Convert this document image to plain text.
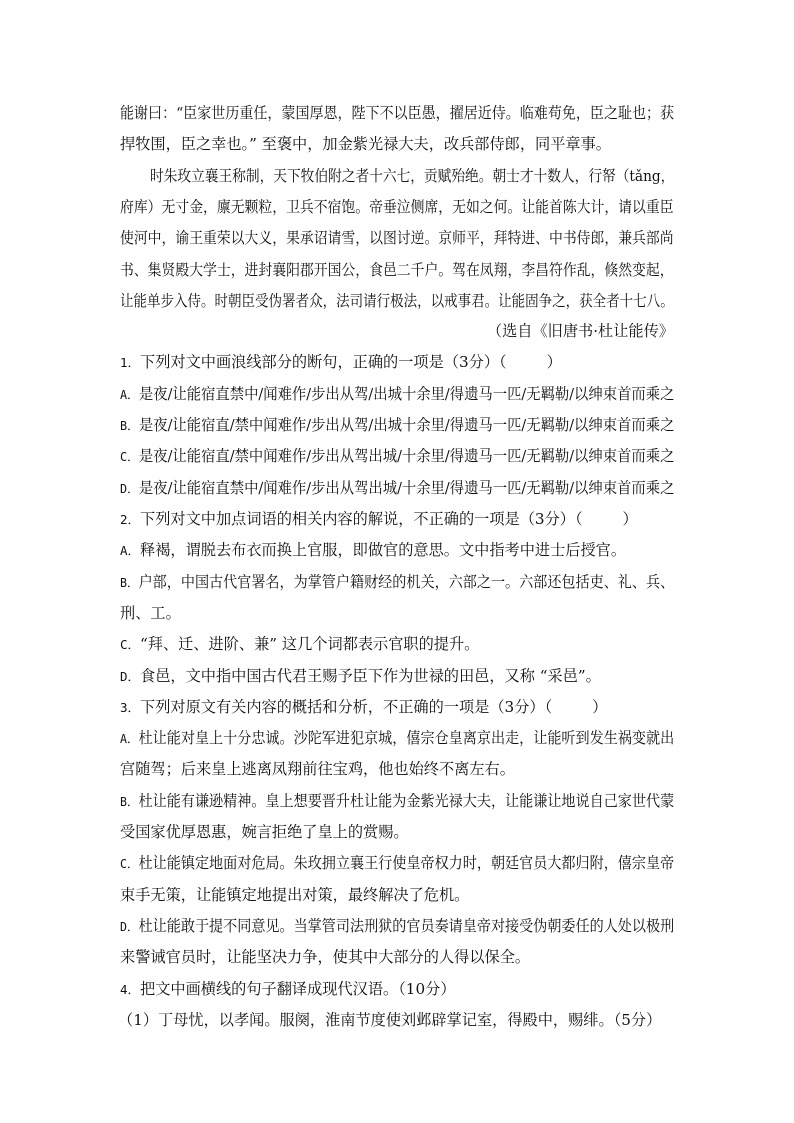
能谢曰：“臣家世历重任，蒙国厚恩，陛下不以臣愚，擢居近侍。临难苟免，臣之耻也；获
捍牧围，臣之幸也。” 至褒中，加金紫光禄大夫，改兵部侍郎，同平章事。
时朱玫立襄王称制，天下牧伯附之者十六七，贡赋殆绝。朝士才十数人，行帑（tǎng，
府库）无寸金，廪无颗粒，卫兵不宿饱。帝垂泣侧席，无如之何。让能首陈大计，请以重臣
使河中，谕王重荣以大义，果承诏请雪，以图讨逆。京师平，拜特进、中书侍郎，兼兵部尚
书、集贤殿大学士，进封襄阳郡开国公，食邑二千户。驾在凤翔，李昌符作乱，倏然变起，
让能单步入侍。时朝臣受伪署者众，法司请行极法，以戒事君。让能固争之，获全者十七八。
（选自《旧唐书·杜让能传》
1．下列对文中画浪线部分的断句，正确的一项是（3分）（	）
A．是夜/让能宿直禁中/闻难作/步出从驾/出城十余里/得遗马一匹/无羁勒/以绅束首而乘之
B．是夜/让能宿直/禁中闻难作/步出从驾/出城十余里/得遗马一匹/无羁勒/以绅束首而乘之
C．是夜/让能宿直/禁中闻难作/步出从驾出城/十余里/得遗马一匹/无羁勒/以绅束首而乘之
D．是夜/让能宿直禁中/闻难作/步出从驾出城/十余里/得遗马一匹/无羁勒/以绅束首而乘之
2．下列对文中加点词语的相关内容的解说，不正确的一项是（3分）（	）
A．释褐，谓脱去布衣而换上官服，即做官的意思。文中指考中进士后授官。
B．户部，中国古代官署名，为掌管户籍财经的机关，六部之一。六部还包括吏、礼、兵、
刑、工。
C．“拜、迁、进阶、兼” 这几个词都表示官职的提升。
D．食邑，文中指中国古代君王赐予臣下作为世禄的田邑，又称 “采邑”。
3．下列对原文有关内容的概括和分析，不正确的一项是（3分）（	）
A．杜让能对皇上十分忠诚。沙陀军进犯京城，僖宗仓皇离京出走，让能听到发生祸变就出
宫随驾；后来皇上逃离凤翔前往宝鸡，他也始终不离左右。
B．杜让能有谦逊精神。皇上想要晋升杜让能为金紫光禄大夫，让能谦让地说自己家世代蒙
受国家优厚恩惠，婉言拒绝了皇上的赏赐。
C．杜让能镇定地面对危局。朱玫拥立襄王行使皇帝权力时，朝廷官员大都归附，僖宗皇帝
束手无策，让能镇定地提出对策，最终解决了危机。
D．杜让能敢于提不同意见。当掌管司法刑狱的官员奏请皇帝对接受伪朝委任的人处以极刑
来警诫官员时，让能坚决力争，使其中大部分的人得以保全。
4．把文中画横线的句子翻译成现代汉语。（10分）
（1）丁母忧，以孝闻。服阕，淮南节度使刘邺辟掌记室，得殿中，赐绯。（5分）
